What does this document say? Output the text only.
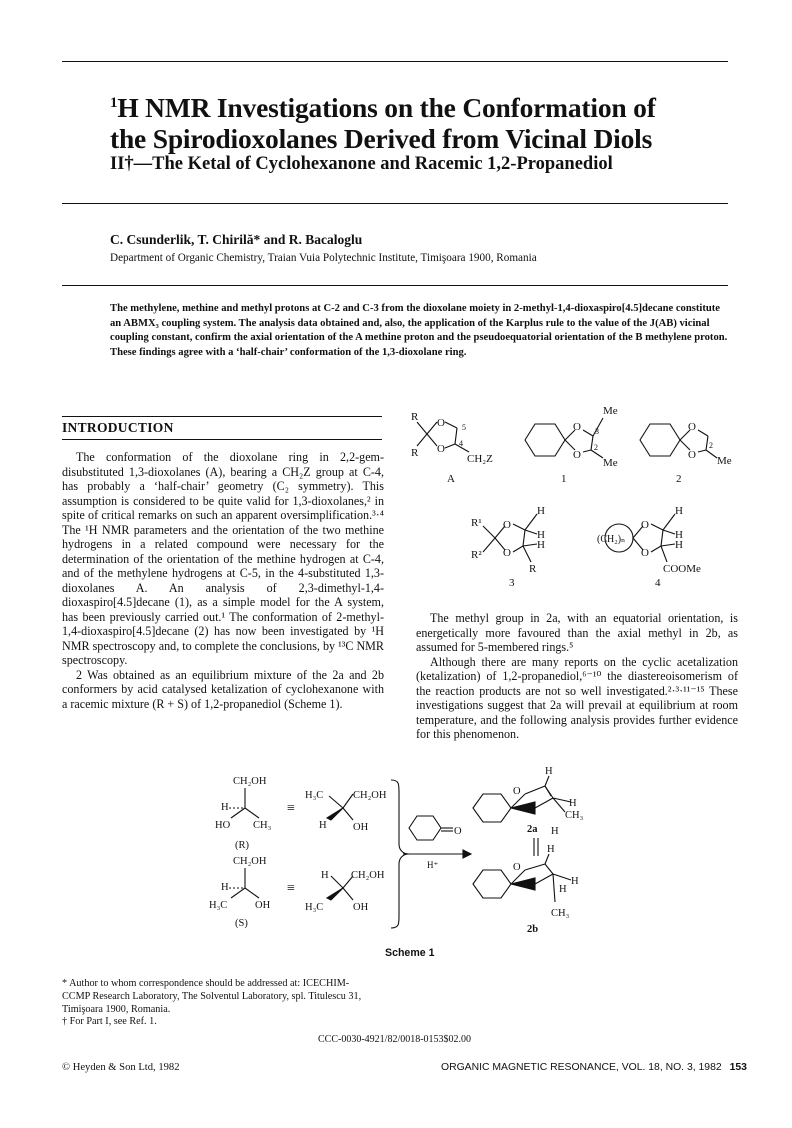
$^1$H NMR Investigations on the Conformation of
the Spirodioxolanes Derived from Vicinal Diols
II†—The Ketal of Cyclohexanone and Racemic 1,2-Propanediol
C. Csunderlik, T. Chirilă* and R. Bacaloglu
Department of Organic Chemistry, Traian Vuia Polytechnic Institute, Timişoara 1900, Romania
The methylene, methine and methyl protons at C-2 and C-3 from the dioxolane moiety in 2-methyl-1,4-dioxaspiro[4.5]decane constitute an ABMX₃ coupling system. The analysis data obtained and, also, the application of the Karplus rule to the value of the J(AB) vicinal coupling constant, confirm the axial orientation of the A methine proton and the pseudoequatorial orientation of the B methylene proton. These findings agree with a ‘half-chair’ conformation of the 1,3-dioxolane ring.
INTRODUCTION

The conformation of the dioxolane ring in 2,2-gem-disubstituted 1,3-dioxolanes (A), bearing a CH₂Z group at C-4, has probably a ‘half-chair’ geometry (C₂ symmetry). This assumption is considered to be quite valid for 1,3-dioxolanes,² in spite of critical remarks on such an apparent oversimplification.³·⁴ The ¹H NMR parameters and the orientation of the two methine hydrogens in a related compound were necessary for the determination of the orientation of the methine hydrogen at C-4, and of the methylene hydrogens at C-5, in the 4-substituted 1,3-dioxolanes A. An analysis of 2,3-dimethyl-1,4-dioxaspiro[4.5]decane (1), as a simple model for the A system, has been previously carried out.¹ The conformation of 2-methyl-1,4-dioxaspiro[4.5]decane (2) has now been investigated by ¹H NMR spectroscopy and, to complete the conclusions, by ¹³C NMR spectroscopy.

2 Was obtained as an equilibrium mixture of the 2a and 2b conformers by acid catalysed ketalization of cyclohexanone with a racemic mixture (R + S) of 1,2-propanediol (Scheme 1).

The methyl group in 2a, with an equatorial orientation, is energetically more favoured than the axial methyl in 2b, as assumed for 5-membered rings.⁵

Although there are many reports on the cyclic acetalization (ketalization) of 1,2-propanediol,⁶⁻¹⁰ the diastereoisomerism of the reaction products are not so well investigated.²·³·¹¹⁻¹⁵ These investigations suggest that 2a will prevail at equilibrium at room temperature, and the following analysis provides further evidence for this phenomenon.

R
R
O
O
5
4
CH₂Z
A
O
O
Me
Me
3
2
1
O
O Me
2
2
R¹
R²
O
O
H
H
H
R
3
(CH₂)ₙ
O
O
H
H
H
COOMe
4
CH₂OH
H
HO CH₃
(R)
≡
H₃C	CH₂OH
H	OH
CH₂OH
H
H₃C	OH
(S)
≡
H CH₂OH
H₃C	OH
O
H⁺
O
O
H
H
CH₃
H
2a
O
O
H
H
H
CH₃
2b
Scheme 1
* Author to whom correspondence should be addressed at: ICECHIM-CCMP Research Laboratory, The Solventul Laboratory, spl. Titulescu 31, Timişoara 1900, Romania.
† For Part I, see Ref. 1.
CCC-0030-4921/82/0018-0153$02.00
© Heyden & Son Ltd, 1982	ORGANIC MAGNETIC RESONANCE, VOL. 18, NO. 3, 1982 153
